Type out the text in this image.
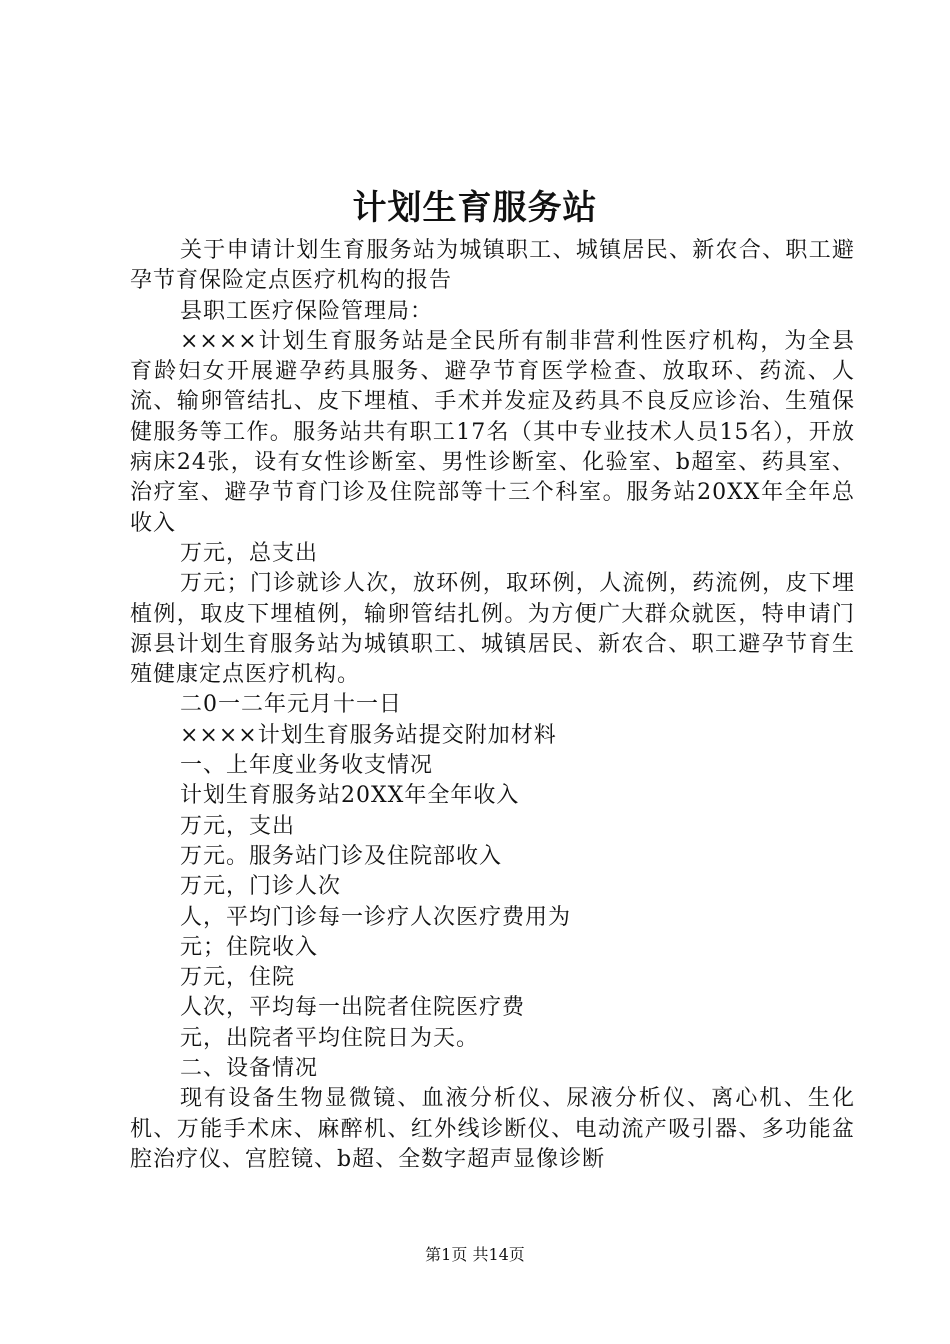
计划生育服务站

关于申请计划生育服务站为城镇职工、城镇居民、新农合、职工避孕节育保险定点医疗机构的报告

县职工医疗保险管理局：

××××计划生育服务站是全民所有制非营利性医疗机构，为全县育龄妇女开展避孕药具服务、避孕节育医学检查、放取环、药流、人流、输卵管结扎、皮下埋植、手术并发症及药具不良反应诊治、生殖保健服务等工作。服务站共有职工17名（其中专业技术人员15名），开放病床24张，设有女性诊断室、男性诊断室、化验室、b超室、药具室、治疗室、避孕节育门诊及住院部等十三个科室。服务站20XX年全年总收入

万元，总支出

万元；门诊就诊人次，放环例，取环例，人流例，药流例，皮下埋植例，取皮下埋植例，输卵管结扎例。为方便广大群众就医，特申请门源县计划生育服务站为城镇职工、城镇居民、新农合、职工避孕节育生殖健康定点医疗机构。

二0一二年元月十一日

××××计划生育服务站提交附加材料

一、上年度业务收支情况

计划生育服务站20XX年全年收入

万元，支出

万元。服务站门诊及住院部收入

万元，门诊人次

人，平均门诊每一诊疗人次医疗费用为

元；住院收入

万元，住院

人次，平均每一出院者住院医疗费

元，出院者平均住院日为天。

二、设备情况

现有设备生物显微镜、血液分析仪、尿液分析仪、离心机、生化机、万能手术床、麻醉机、红外线诊断仪、电动流产吸引器、多功能盆腔治疗仪、宫腔镜、b超、全数字超声显像诊断

第1页 共14页
